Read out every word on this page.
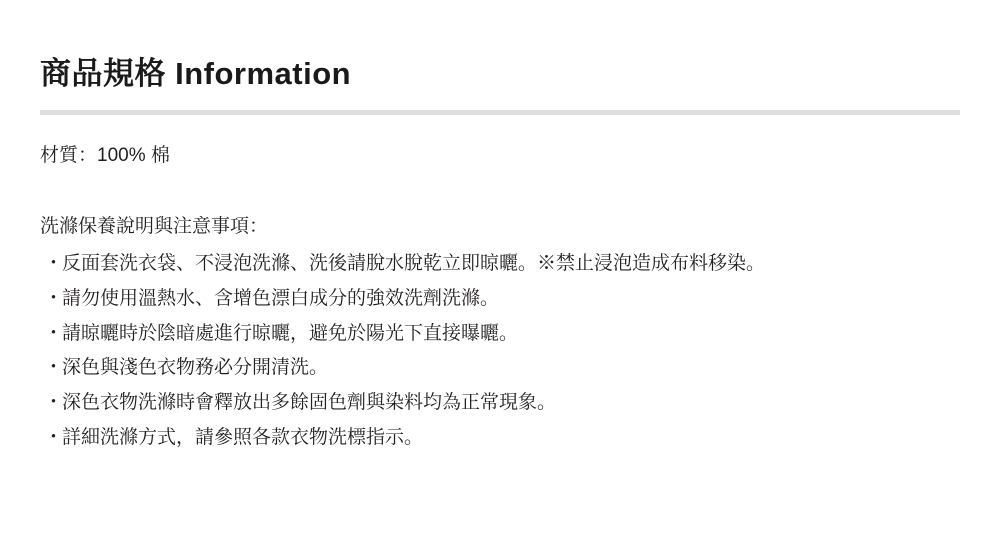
商品規格 Information
材質：100% 棉
洗滌保養說明與注意事項：
・
反面套洗衣袋、不浸泡洗滌、洗後請脫水脫乾立即晾曬。※禁止浸泡造成布料移染。
・
請勿使用溫熱水、含增色漂白成分的強效洗劑洗滌。
・
請晾曬時於陰暗處進行晾曬，避免於陽光下直接曝曬。
・
深色與淺色衣物務必分開清洗。
・
深色衣物洗滌時會釋放出多餘固色劑與染料均為正常現象。
・
詳細洗滌方式，請參照各款衣物洗標指示。
